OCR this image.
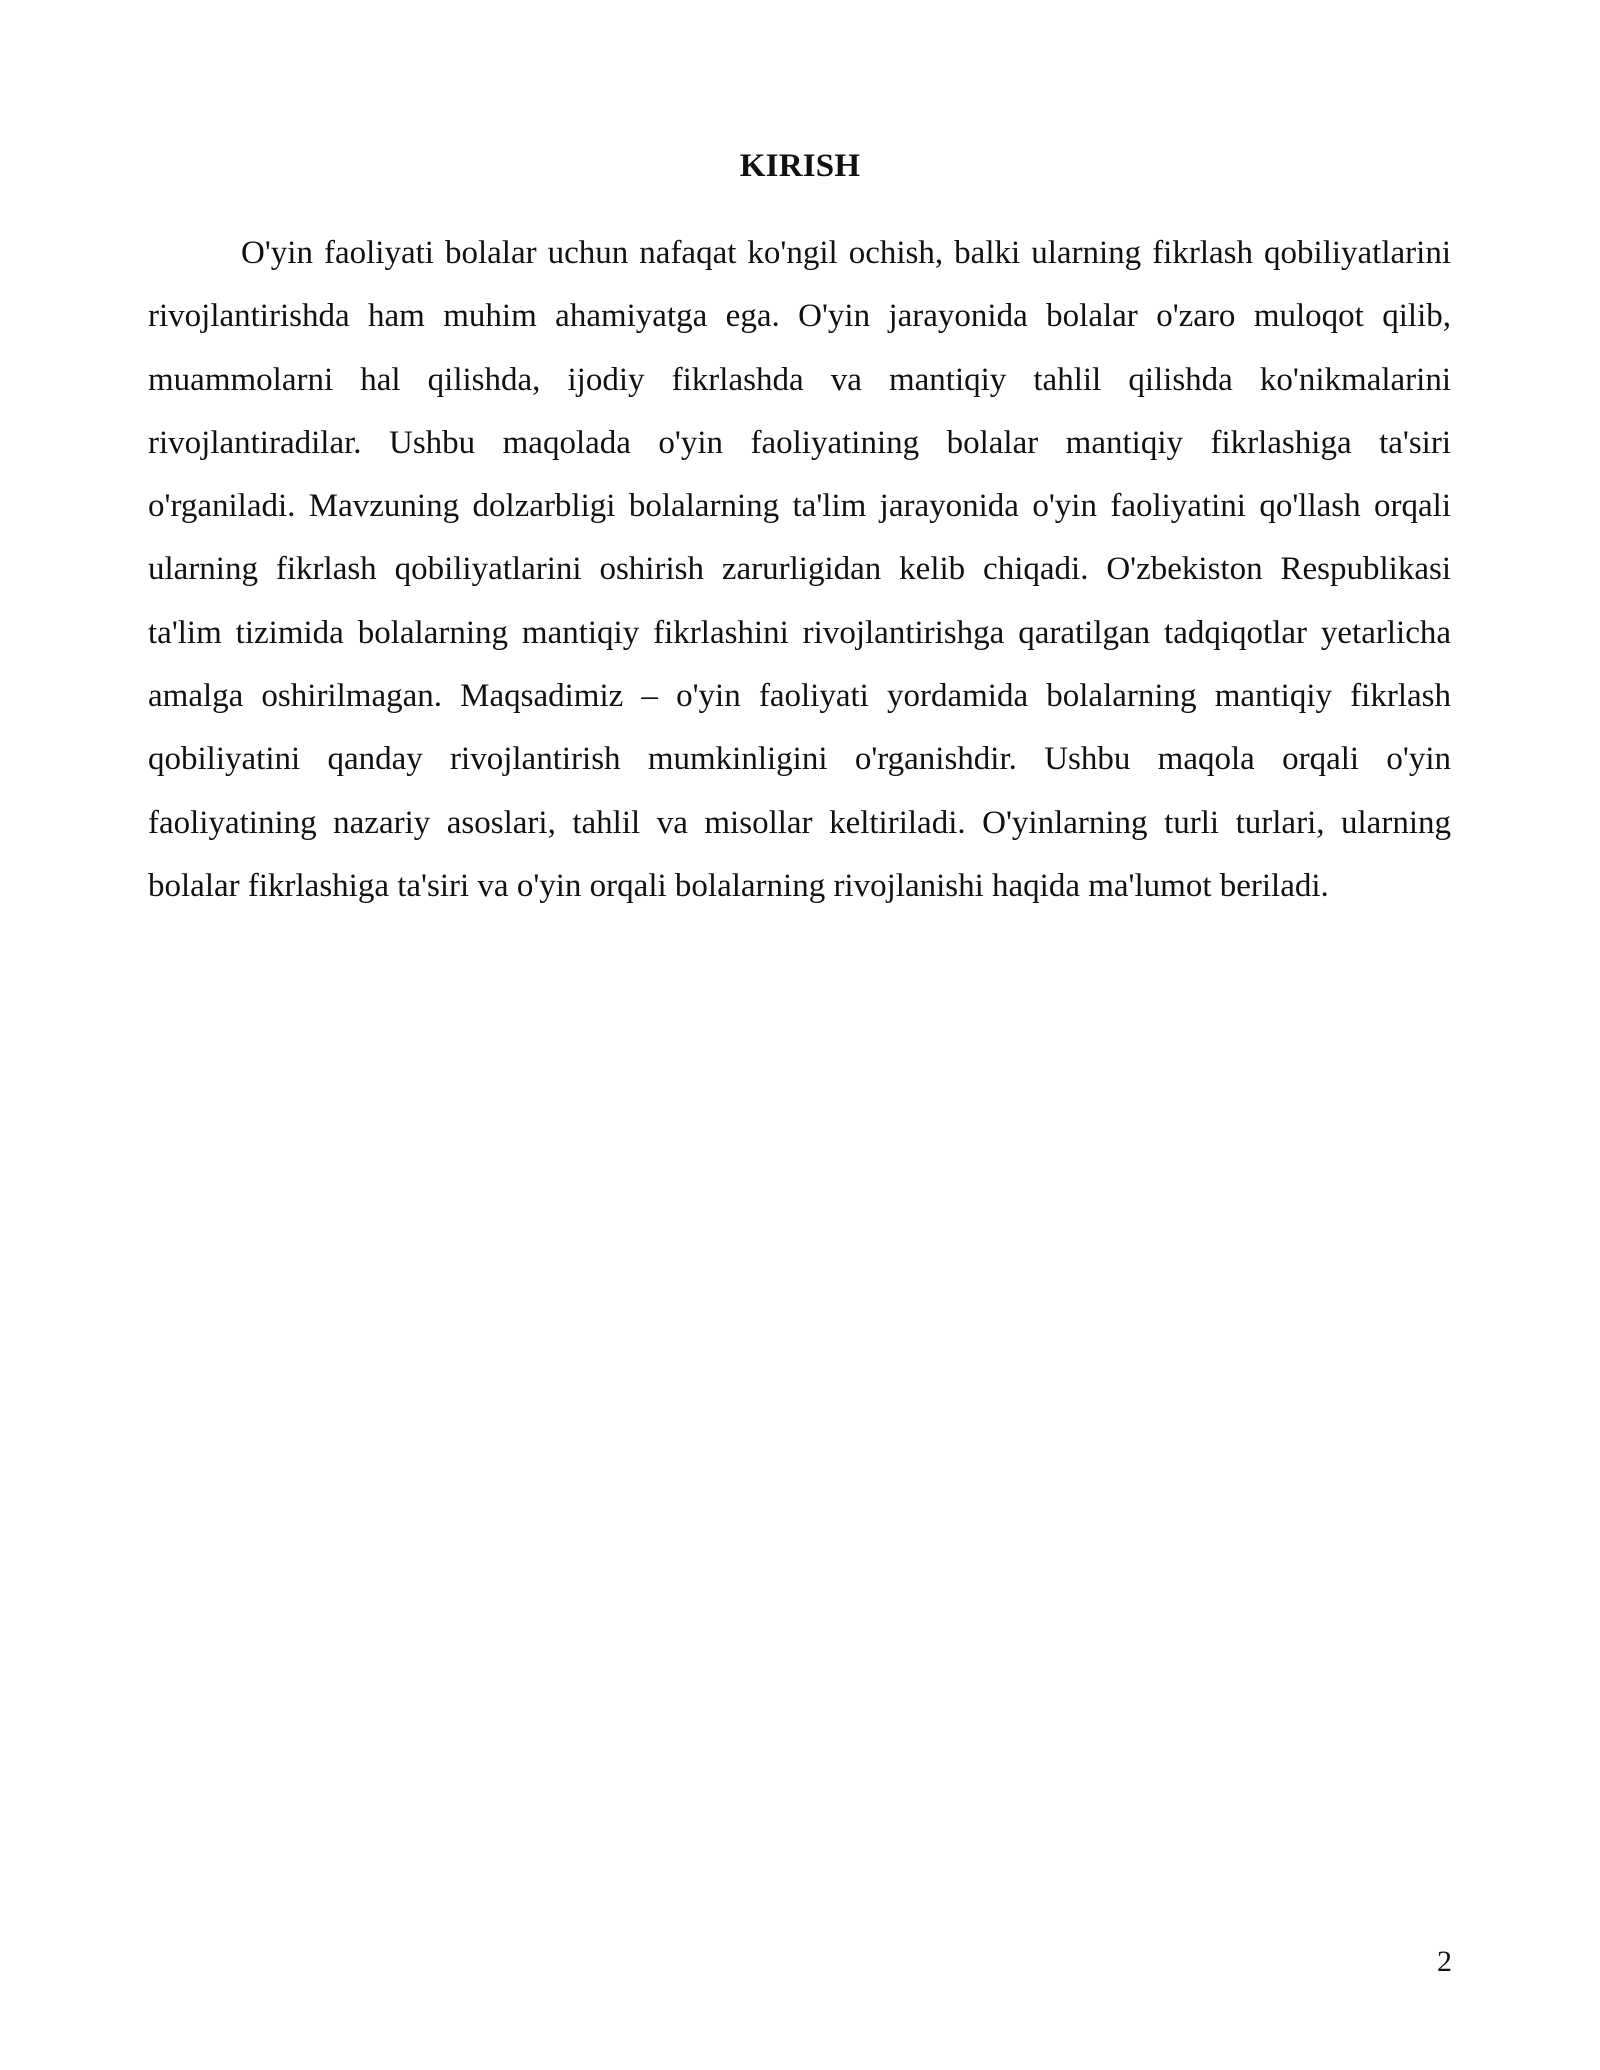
KIRISH

O'yin faoliyati bolalar uchun nafaqat ko'ngil ochish, balki ularning fikrlash qobiliyatlarini rivojlantirishda ham muhim ahamiyatga ega. O'yin jarayonida bolalar o'zaro muloqot qilib, muammolarni hal qilishda, ijodiy fikrlashda va mantiqiy tahlil qilishda ko'nikmalarini rivojlantiradilar. Ushbu maqolada o'yin faoliyatining bolalar mantiqiy fikrlashiga ta'siri o'rganiladi. Mavzuning dolzarbligi bolalarning ta'lim jarayonida o'yin faoliyatini qo'llash orqali ularning fikrlash qobiliyatlarini oshirish zarurligidan kelib chiqadi. O'zbekiston Respublikasi ta'lim tizimida bolalarning mantiqiy fikrlashini rivojlantirishga qaratilgan tadqiqotlar yetarlicha amalga oshirilmagan. Maqsadimiz – o'yin faoliyati yordamida bolalarning mantiqiy fikrlash qobiliyatini qanday rivojlantirish mumkinligini o'rganishdir. Ushbu maqola orqali o'yin faoliyatining nazariy asoslari, tahlil va misollar keltiriladi. O'yinlarning turli turlari, ularning bolalar fikrlashiga ta'siri va o'yin orqali bolalarning rivojlanishi haqida ma'lumot beriladi.

2
